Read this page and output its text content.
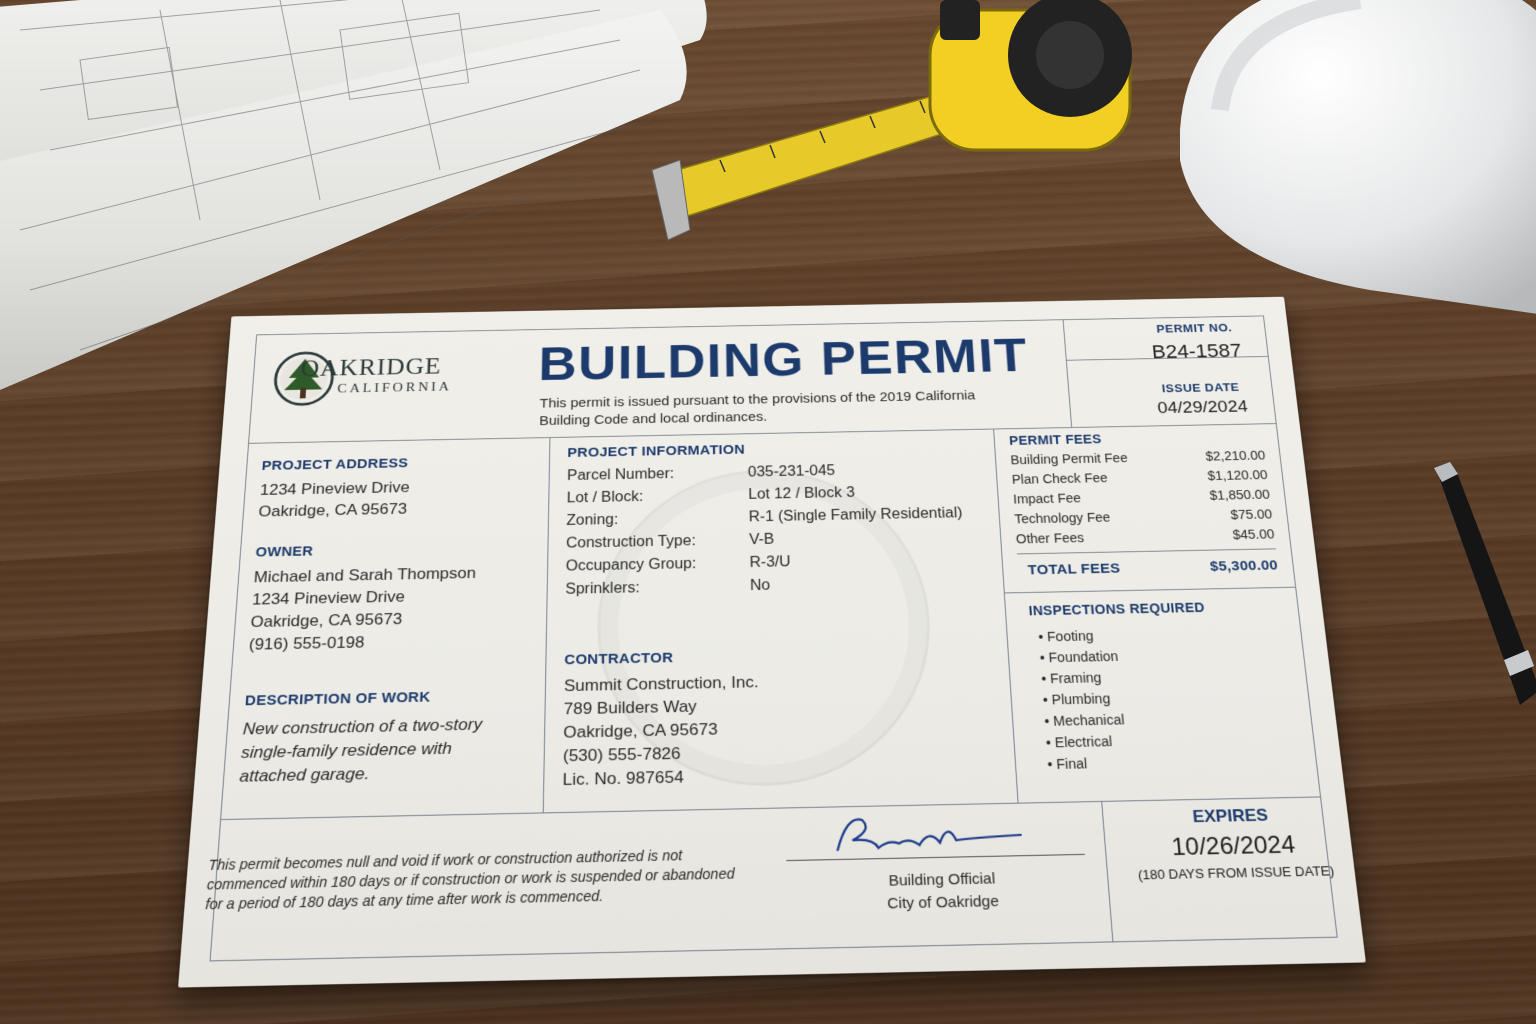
OAKRIDGE
CALIFORNIA BUILDING PERMIT
This permit is issued pursuant to the provisions of the 2019 California Building Code and local ordinances.
PERMIT NO.
B24-1587
ISSUE DATE
04/29/2024
PROJECT ADDRESS
1234 Pineview Drive
Oakridge, CA 95673
OWNER
Michael and Sarah Thompson
1234 Pineview Drive
Oakridge, CA 95673
(916) 555-0198
DESCRIPTION OF WORK
New construction of a two-story
single-family residence with
attached garage.
PROJECT INFORMATION
Parcel Number:	035-231-045
Lot / Block:	Lot 12 / Block 3
Zoning:	R-1 (Single Family Residential)
Construction Type:	V-B
Occupancy Group:	R-3/U
Sprinklers:	No
CONTRACTOR
Summit Construction, Inc.
789 Builders Way
Oakridge, CA 95673
(530) 555-7826
Lic. No. 987654
PERMIT FEES
Building Permit Fee	$2,210.00
Plan Check Fee	$1,120.00
Impact Fee	$1,850.00
Technology Fee	$75.00
Other Fees	$45.00
TOTAL FEES	$5,300.00
INSPECTIONS REQUIRED
• Footing
• Foundation
• Framing
• Plumbing
• Mechanical
• Electrical
• Final
This permit becomes null and void if work or construction authorized is not commenced within 180 days or if construction or work is suspended or abandoned for a period of 180 days at any time after work is commenced.
Building Official
City of Oakridge
EXPIRES
10/26/2024
(180 DAYS FROM ISSUE DATE)
